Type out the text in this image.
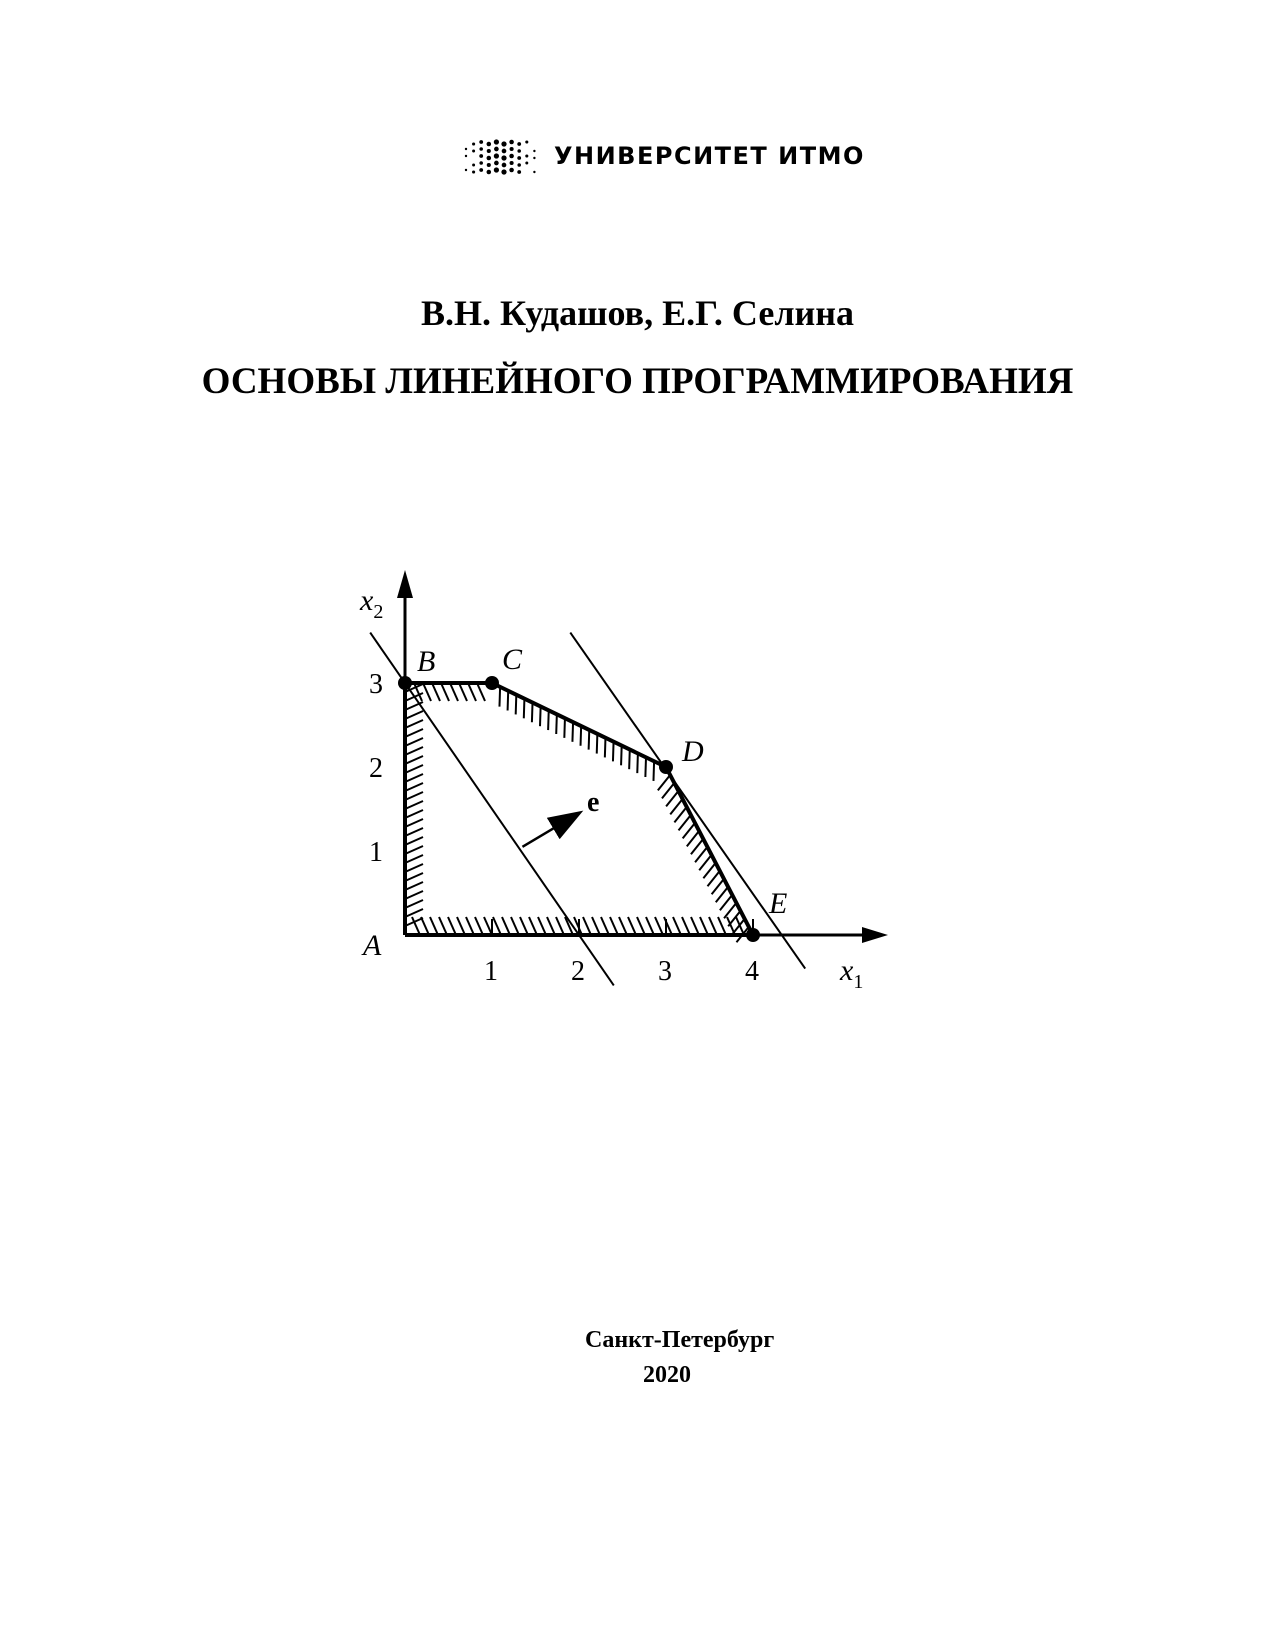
УНИВЕРСИТЕТ ИТМО
В.Н. Кудашов, Е.Г. Селина
ОСНОВЫ ЛИНЕЙНОГО ПРОГРАММИРОВАНИЯ
e
1	2	3	4
1
2
3
A
B C
D
E
$x_1$
$x_2$
Санкт-Петербург
2020
